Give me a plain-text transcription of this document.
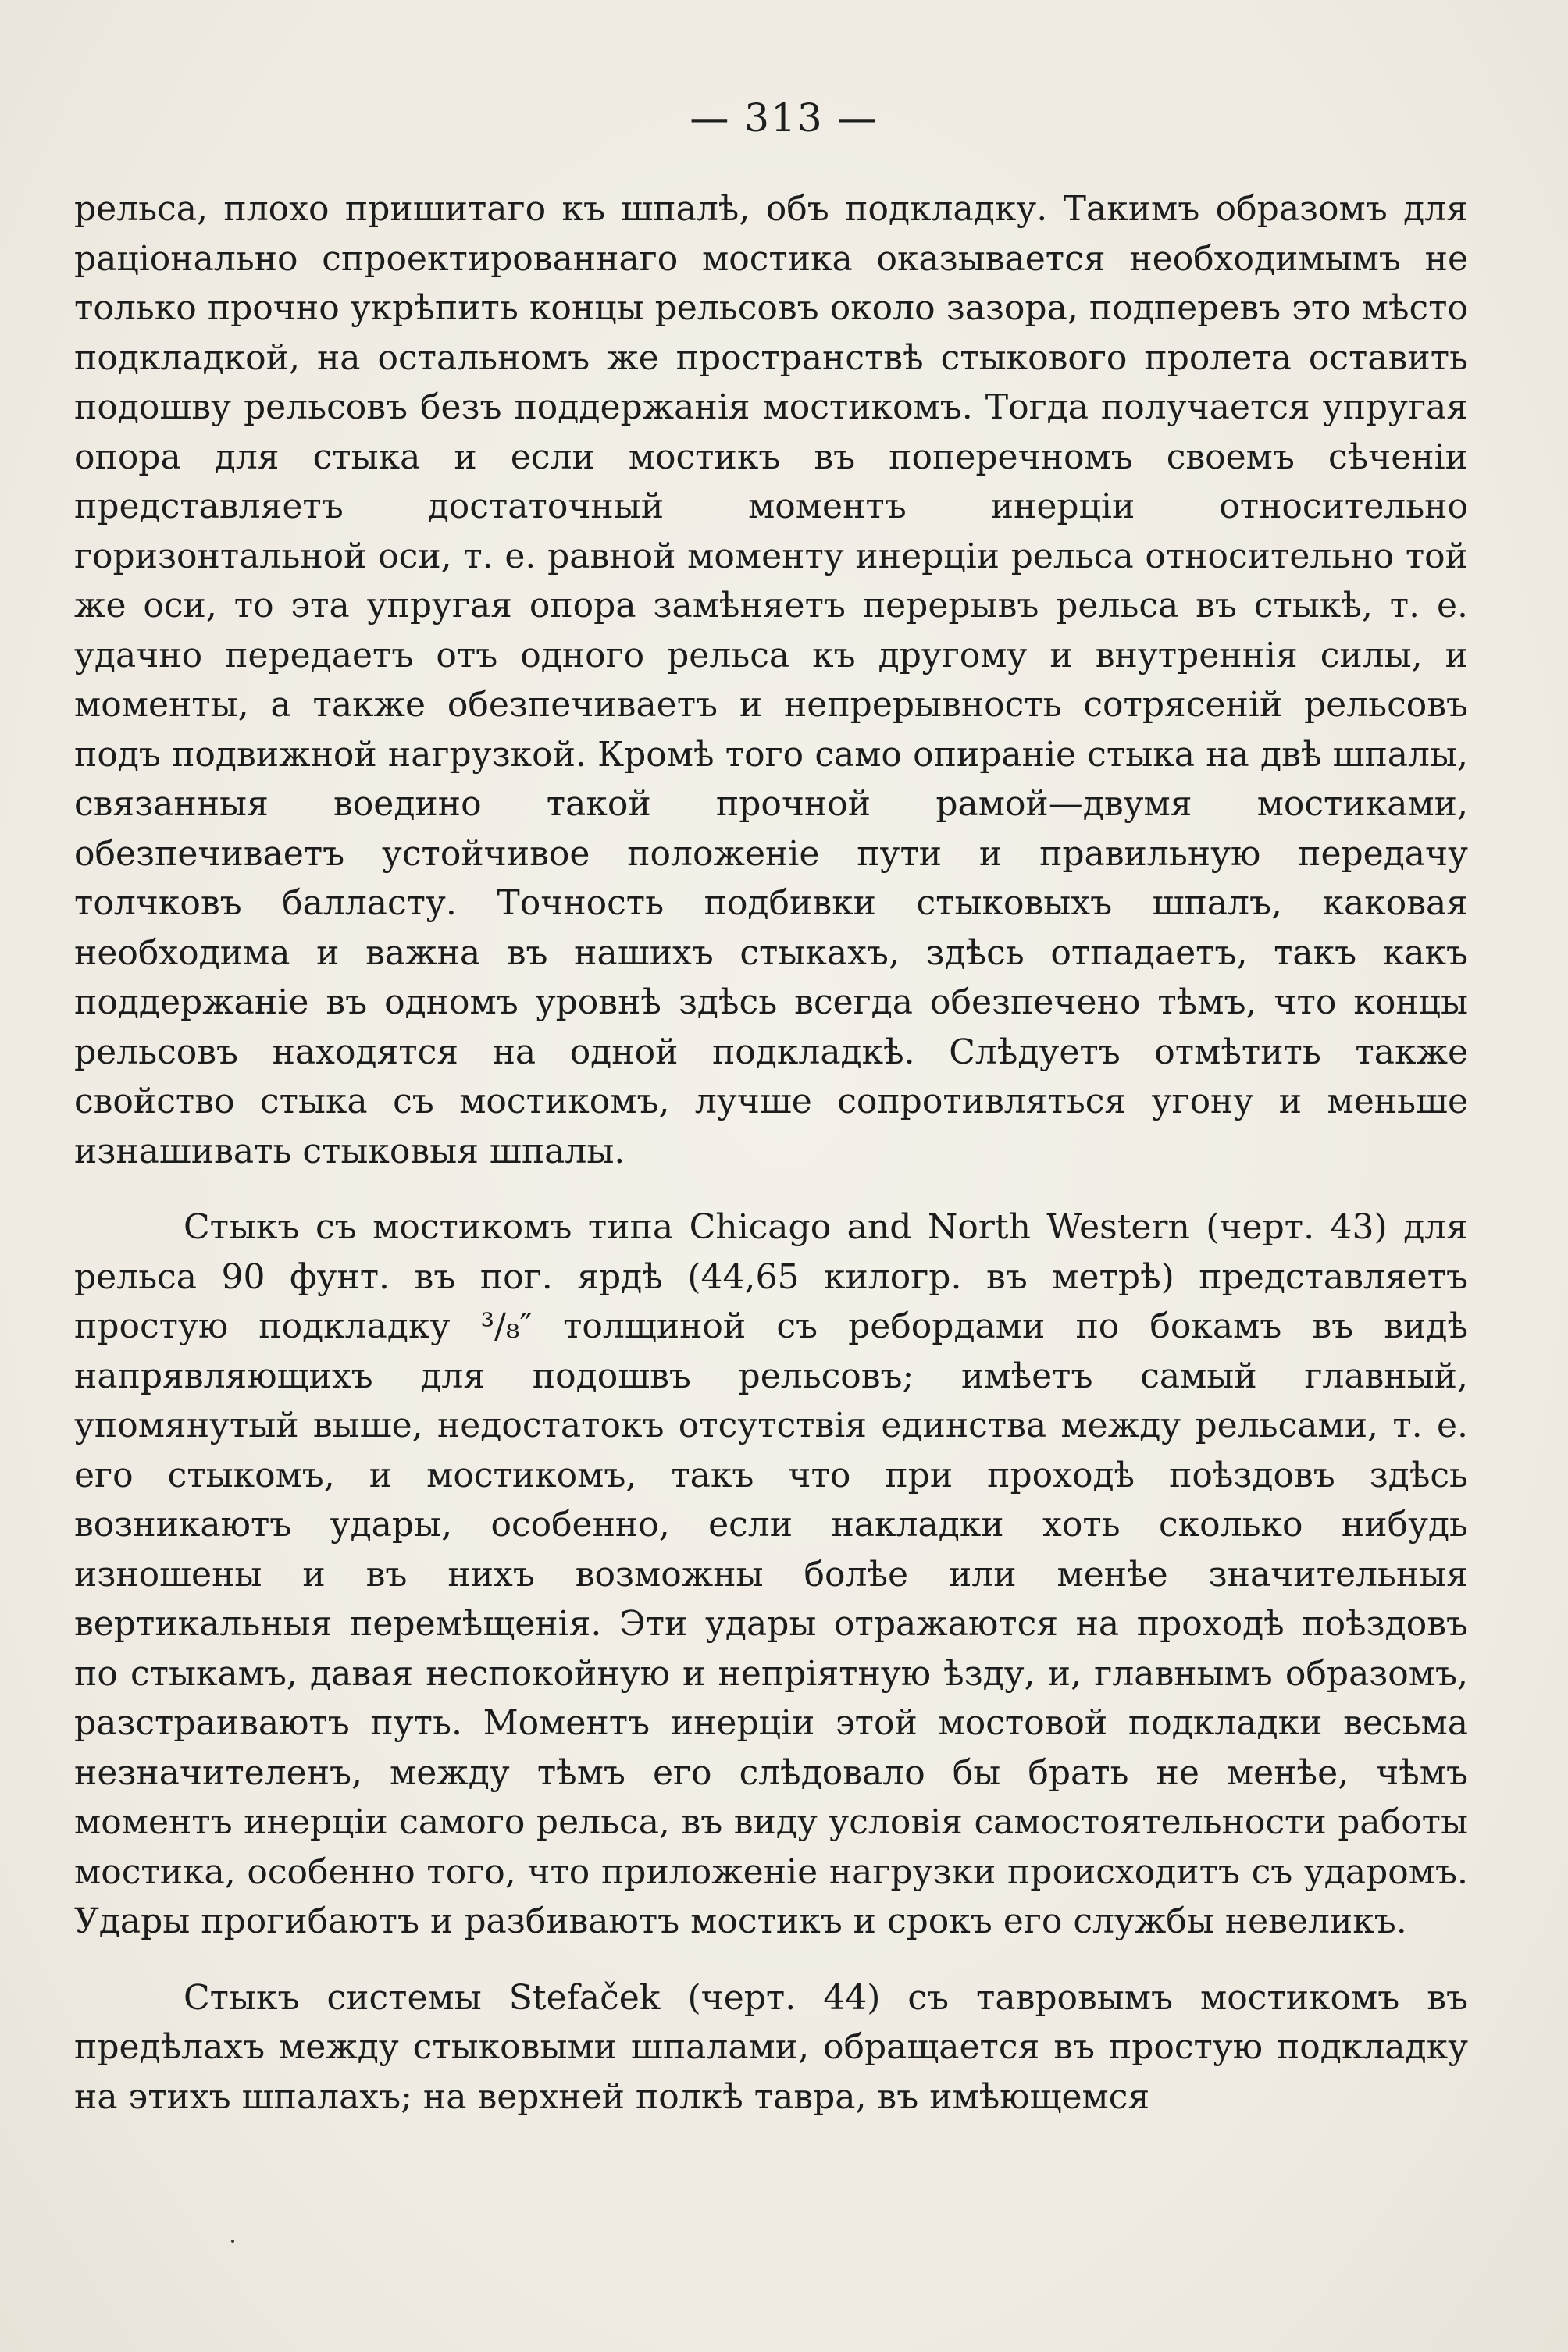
— 313 —

рельса, плохо пришитаго къ шпалѣ, объ подкладку. Такимъ образомъ для раціонально спроектированнаго мостика оказывается необходимымъ не только прочно укрѣпить концы рельсовъ около зазора, подперевъ это мѣсто подкладкой, на остальномъ же пространствѣ стыкового пролета оставить подошву рельсовъ безъ поддержанія мостикомъ. Тогда получается упругая опора для стыка и если мостикъ въ поперечномъ своемъ сѣченіи представляетъ достаточный моментъ инерціи относительно горизонтальной оси, т. е. равной моменту инерціи рельса относительно той же оси, то эта упругая опора замѣняетъ перерывъ рельса въ стыкѣ, т. е. удачно передаетъ отъ одного рельса къ другому и внутреннія силы, и моменты, а также обезпечиваетъ и непрерывность сотрясеній рельсовъ подъ подвижной нагрузкой. Кромѣ того само опираніе стыка на двѣ шпалы, связанныя воедино такой прочной рамой—двумя мостиками, обезпечиваетъ устойчивое положеніе пути и правильную передачу толчковъ балласту. Точность подбивки стыковыхъ шпалъ, каковая необходима и важна въ нашихъ стыкахъ, здѣсь отпадаетъ, такъ какъ поддержаніе въ одномъ уровнѣ здѣсь всегда обезпечено тѣмъ, что концы рельсовъ находятся на одной подкладкѣ. Слѣдуетъ отмѣтить также свойство стыка съ мостикомъ, лучше сопротивляться угону и меньше изнашивать стыковыя шпалы.

Стыкъ съ мостикомъ типа Chicago and North Western (черт. 43) для рельса 90 фунт. въ пог. ярдѣ (44,65 килогр. въ метрѣ) представляетъ простую подкладку ³/₈″ толщиной съ ребордами по бокамъ въ видѣ напрявляющихъ для подошвъ рельсовъ; имѣетъ самый главный, упомянутый выше, недостатокъ отсутствія единства между рельсами, т. е. его стыкомъ, и мостикомъ, такъ что при проходѣ поѣздовъ здѣсь возникаютъ удары, особенно, если накладки хоть сколько нибудь изношены и въ нихъ возможны болѣе или менѣе значительныя вертикальныя перемѣщенія. Эти удары отражаются на проходѣ поѣздовъ по стыкамъ, давая неспокойную и непріятную ѣзду, и, главнымъ образомъ, разстраиваютъ путь. Моментъ инерціи этой мостовой подкладки весьма незначителенъ, между тѣмъ его слѣдовало бы брать не менѣе, чѣмъ моментъ инерціи самого рельса, въ виду условія самостоятельности работы мостика, особенно того, что приложеніе нагрузки происходитъ съ ударомъ. Удары прогибаютъ и разбиваютъ мостикъ и срокъ его службы невеликъ.

Стыкъ системы Stefaček (черт. 44) съ тавровымъ мостикомъ въ предѣлахъ между стыковыми шпалами, обращается въ простую подкладку на этихъ шпалахъ; на верхней полкѣ тавра, въ имѣющемся
